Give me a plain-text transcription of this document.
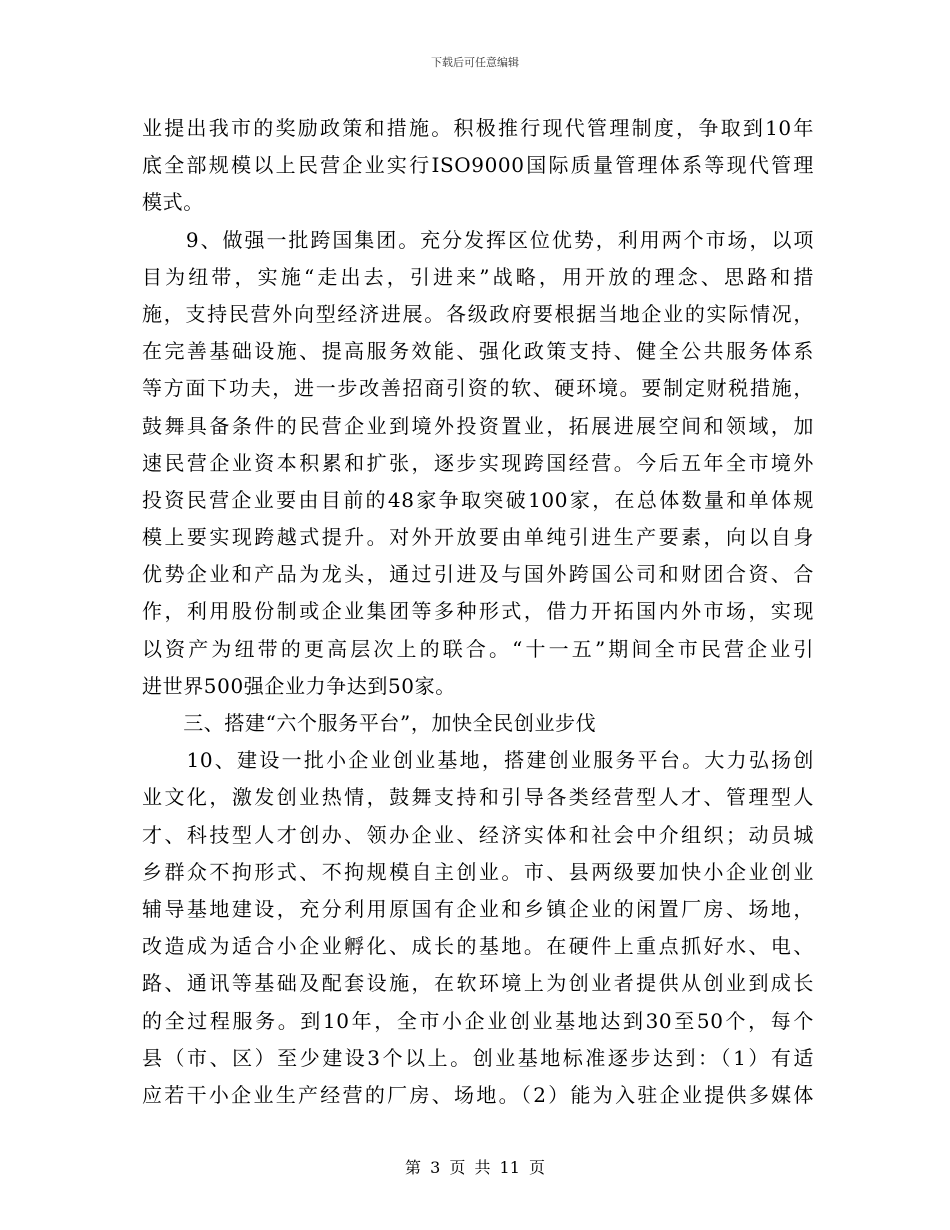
下载后可任意编辑
业提出我市的奖励政策和措施。积极推行现代管理制度，争取到10年
底全部规模以上民营企业实行ISO9000国际质量管理体系等现代管理
模式。
　　9、做强一批跨国集团。充分发挥区位优势，利用两个市场，以项
目为纽带，实施“走出去，引进来”战略，用开放的理念、思路和措
施，支持民营外向型经济进展。各级政府要根据当地企业的实际情况，
在完善基础设施、提高服务效能、强化政策支持、健全公共服务体系
等方面下功夫，进一步改善招商引资的软、硬环境。要制定财税措施，
鼓舞具备条件的民营企业到境外投资置业，拓展进展空间和领域，加
速民营企业资本积累和扩张，逐步实现跨国经营。今后五年全市境外
投资民营企业要由目前的48家争取突破100家，在总体数量和单体规
模上要实现跨越式提升。对外开放要由单纯引进生产要素，向以自身
优势企业和产品为龙头，通过引进及与国外跨国公司和财团合资、合
作，利用股份制或企业集团等多种形式，借力开拓国内外市场，实现
以资产为纽带的更高层次上的联合。“十一五”期间全市民营企业引
进世界500强企业力争达到50家。
　　三、搭建“六个服务平台”，加快全民创业步伐
　　10、建设一批小企业创业基地，搭建创业服务平台。大力弘扬创
业文化，激发创业热情，鼓舞支持和引导各类经营型人才、管理型人
才、科技型人才创办、领办企业、经济实体和社会中介组织；动员城
乡群众不拘形式、不拘规模自主创业。市、县两级要加快小企业创业
辅导基地建设，充分利用原国有企业和乡镇企业的闲置厂房、场地，
改造成为适合小企业孵化、成长的基地。在硬件上重点抓好水、电、
路、通讯等基础及配套设施，在软环境上为创业者提供从创业到成长
的全过程服务。到10年，全市小企业创业基地达到30至50个，每个
县（市、区）至少建设3个以上。创业基地标准逐步达到：（1）有适
应若干小企业生产经营的厂房、场地。（2）能为入驻企业提供多媒体
第 3 页 共 11 页
